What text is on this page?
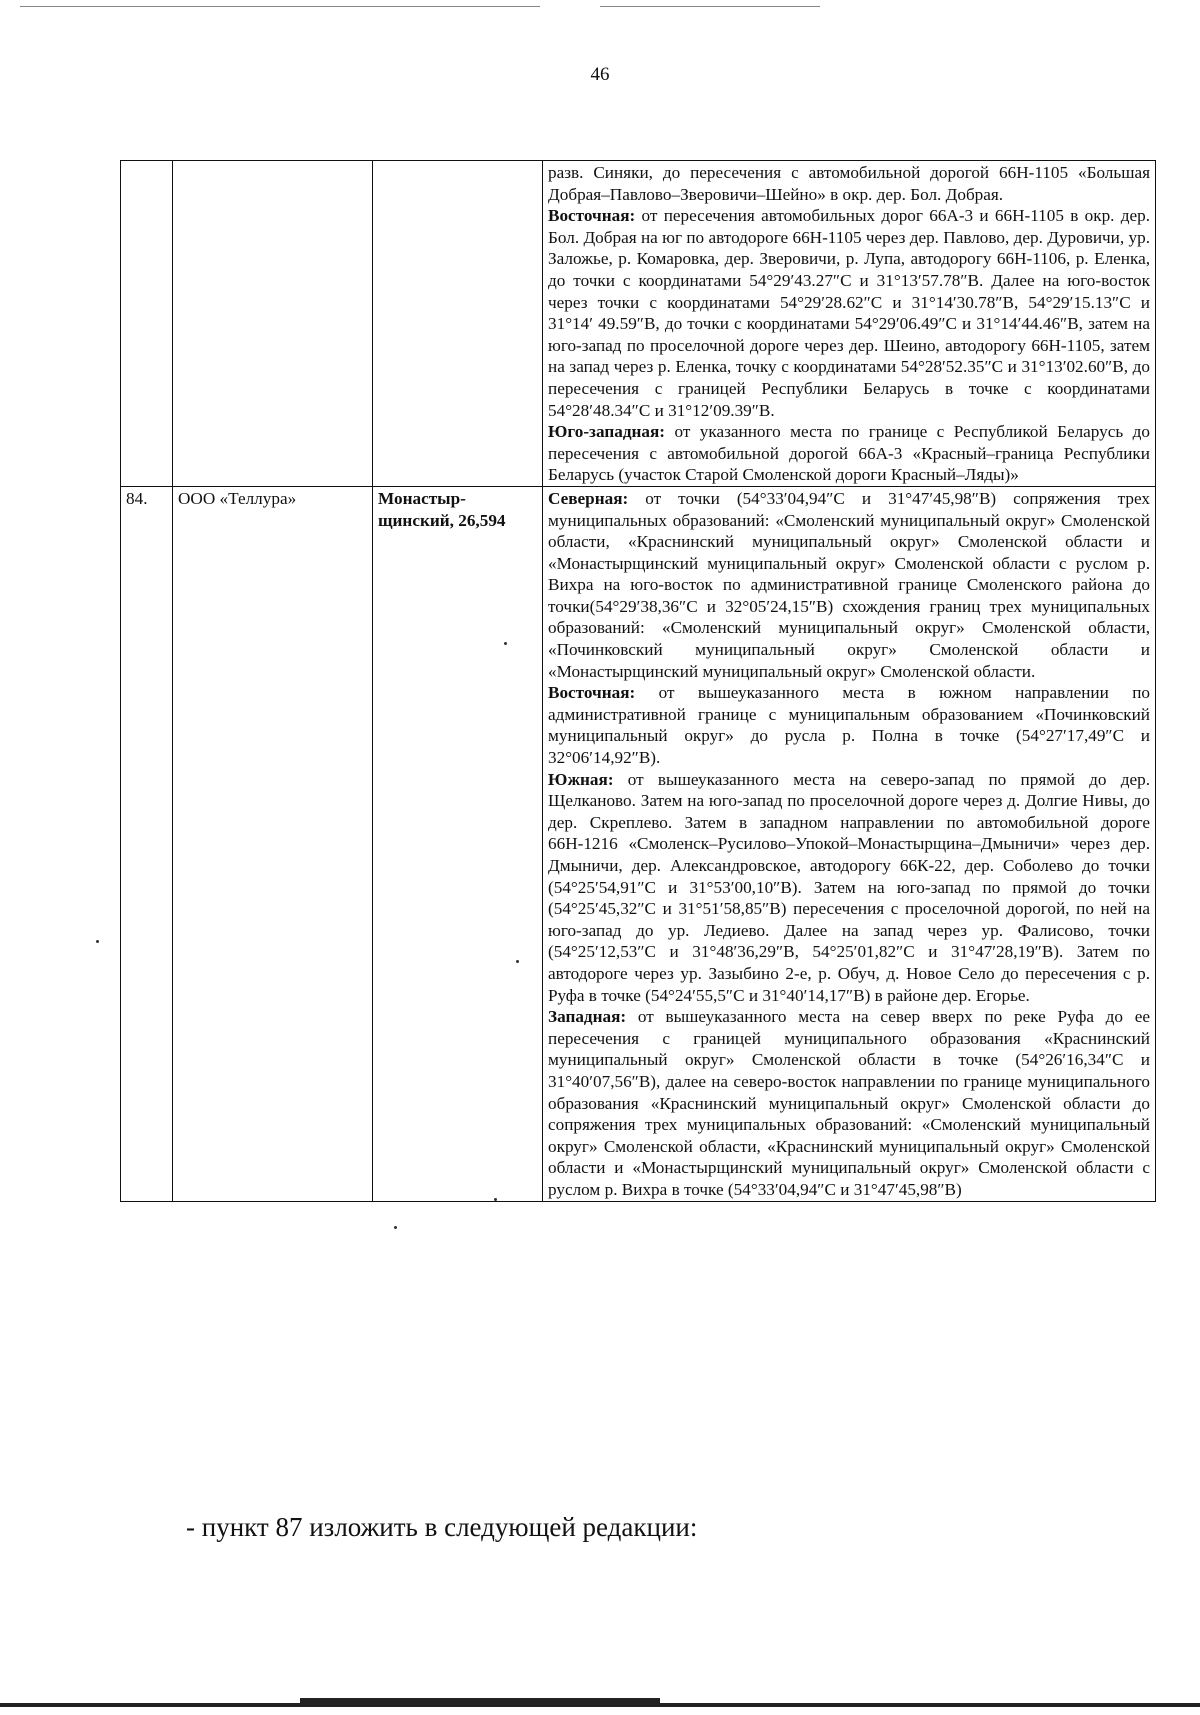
46

			разв. Синяки, до пересечения с автомобильной дорогой 66Н-1105 «Большая Добрая–Павлово–Зверовичи–Шейно» в окр. дер. Бол. Добрая.

Восточная: от пересечения автомобильных дорог 66А-3 и 66Н-1105 в окр. дер. Бол. Добрая на юг по автодороге 66Н-1105 через дер. Павлово, дер. Дуровичи, ур. Заложье, р. Комаровка, дер. Зверовичи, р. Лупа, автодорогу 66Н-1106, р. Еленка, до точки с координатами 54°29′43.27″С и 31°13′57.78″В. Далее на юго-восток через точки с координатами 54°29′28.62″С и 31°14′30.78″В, 54°29′15.13″С и 31°14′ 49.59″В, до точки с координатами 54°29′06.49″С и 31°14′44.46″В, затем на юго-запад по проселочной дороге через дер. Шеино, автодорогу 66Н-1105, затем на запад через р. Еленка, точку с координатами 54°28′52.35″С и 31°13′02.60″В, до пересечения с границей Республики Беларусь в точке с координатами 54°28′48.34″С и 31°12′09.39″В.

Юго-западная: от указанного места по границе с Республикой Беларусь до пересечения с автомобильной дорогой 66А-3 «Красный–граница Республики Беларусь (участок Старой Смоленской дороги Красный–Ляды)»

84.	ООО «Теллура»	Монастыр-щинский, 26,594	Северная: от точки (54°33′04,94″С и 31°47′45,98″В) сопряжения трех муниципальных образований: «Смоленский муниципальный округ» Смоленской области, «Краснинский муниципальный округ» Смоленской области и «Монастырщинский муниципальный округ» Смоленской области с руслом р. Вихра на юго-восток по административной границе Смоленского района до точки(54°29′38,36″С и 32°05′24,15″В) схождения границ трех муниципальных образований: «Смоленский муниципальный округ» Смоленской области, «Починковский муниципальный округ» Смоленской области и «Монастырщинский муниципальный округ» Смоленской области.

Восточная: от вышеуказанного места в южном направлении по административной границе с муниципальным образованием «Починковский муниципальный округ» до русла р. Полна в точке (54°27′17,49″С и 32°06′14,92″В).

Южная: от вышеуказанного места на северо-запад по прямой до дер. Щелканово. Затем на юго-запад по проселочной дороге через д. Долгие Нивы, до дер. Скреплево. Затем в западном направлении по автомобильной дороге 66Н-1216 «Смоленск–Русилово–Упокой–Монастырщина–Дмыничи» через дер. Дмыничи, дер. Александровское, автодорогу 66К-22, дер. Соболево до точки (54°25′54,91″С и 31°53′00,10″В). Затем на юго-запад по прямой до точки (54°25′45,32″С и 31°51′58,85″В) пересечения с проселочной дорогой, по ней на юго-запад до ур. Ледиево. Далее на запад через ур. Фалисово, точки (54°25′12,53″С и 31°48′36,29″В, 54°25′01,82″С и 31°47′28,19″В). Затем по автодороге через ур. Зазыбино 2-е, р. Обуч, д. Новое Село до пересечения с р. Руфа в точке (54°24′55,5″С и 31°40′14,17″В) в районе дер. Егорье.

Западная: от вышеуказанного места на север вверх по реке Руфа до ее пересечения с границей муниципального образования «Краснинский муниципальный округ» Смоленской области в точке (54°26′16,34″С и 31°40′07,56″В), далее на северо-восток направлении по границе муниципального образования «Краснинский муниципальный округ» Смоленской области до сопряжения трех муниципальных образований: «Смоленский муниципальный округ» Смоленской области, «Краснинский муниципальный округ» Смоленской области и «Монастырщинский муниципальный округ» Смоленской области с руслом р. Вихра в точке (54°33′04,94″С и 31°47′45,98″В)

- пункт 87 изложить в следующей редакции:
